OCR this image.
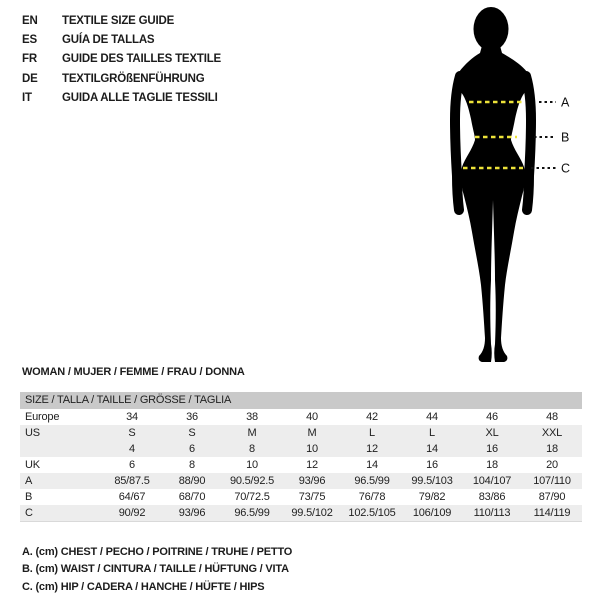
EN	TEXTILE SIZE GUIDE
ES	GUÍA DE TALLAS
FR	GUIDE DES TAILLES TEXTILE
DE	TEXTILGRÖßENFÜHRUNG
IT	GUIDA ALLE TAGLIE TESSILI	A
B
C
WOMAN / MUJER / FEMME / FRAU / DONNA
SIZE / TALLA / TAILLE / GRÖSSE / TAGLIA
Europe	34	36	38	40	42	44	46	48
US	S	S	M	M	L	L	XL	XXL
	4	6	8	10	12	14	16	18
UK	6	8	10	12	14	16	18	20
A	85/87.5	88/90	90.5/92.5	93/96	96.5/99	99.5/103	104/107	107/110
B	64/67	68/70	70/72.5	73/75	76/78	79/82	83/86	87/90
C	90/92	93/96	96.5/99	99.5/102	102.5/105	106/109	110/113	114/119
A. (cm) CHEST / PECHO / POITRINE / TRUHE / PETTO
B. (cm) WAIST / CINTURA / TAILLE / HÜFTUNG / VITA
C. (cm) HIP / CADERA / HANCHE / HÜFTE / HIPS
